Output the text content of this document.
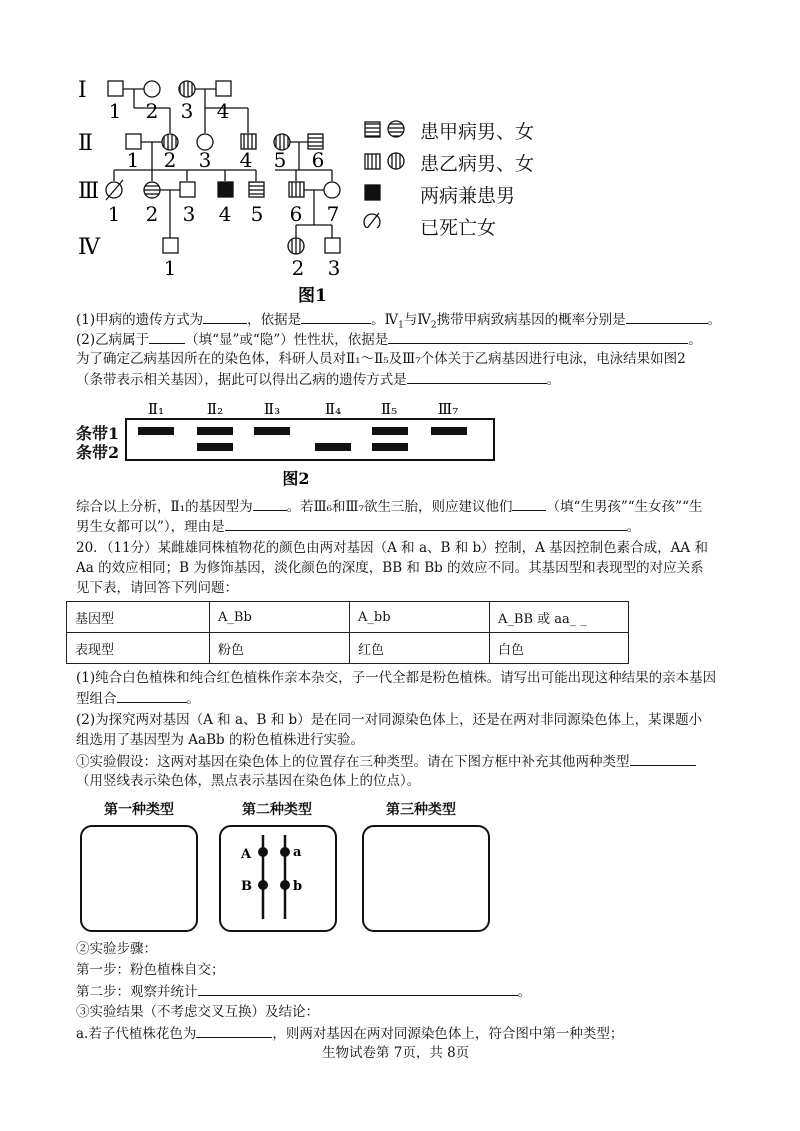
Ⅰ
Ⅱ
Ⅲ
Ⅳ
1 2 3 4
1 2 3 4 5 6
1 2 3 4 5 6 7
1	2 3
图1
患甲病男、女
患乙病男、女
两病兼患男
已死亡女
(1)甲病的遗传方式为	，依据是	。$Ⅳ_1$与$Ⅳ_2$携带甲病致病基因的概率分别是	。
(2)乙病属于	（填“显”或“隐”）性性状，依据是	。
为了确定乙病基因所在的染色体，科研人员对Ⅱ₁～Ⅱ₅及Ⅲ₇个体关于乙病基因进行电泳，电泳结果如图2
（条带表示相关基因），据此可以得出乙病的遗传方式是	。
Ⅱ₁	Ⅱ₂	Ⅱ₃	Ⅱ₄	Ⅱ₅	Ⅲ₇
图2
条带1
条带2
综合以上分析，Ⅱ₁的基因型为	。若Ⅲ₆和Ⅲ₇欲生三胎，则应建议他们	（填“生男孩”“生女孩”“生
男生女都可以”），理由是	。
20．（11分）某雌雄同株植物花的颜色由两对基因（A 和 a、B 和 b）控制，A 基因控制色素合成，AA 和
Aa 的效应相同；B 为修饰基因，淡化颜色的深度，BB 和 Bb 的效应不同。其基因型和表现型的对应关系
见下表，请回答下列问题：
基因型	A_Bb	A_bb	A_BB 或 aa_ _
表现型	粉色	红色	白色
(1)纯合白色植株和纯合红色植株作亲本杂交，子一代全都是粉色植株。请写出可能出现这种结果的亲本基因
型组合	。
(2)为探究两对基因（A 和 a、B 和 b）是在同一对同源染色体上，还是在两对非同源染色体上，某课题小
组选用了基因型为 AaBb 的粉色植株进行实验。
①实验假设：这两对基因在染色体上的位置存在三种类型。请在下图方框中补充其他两种类型
（用竖线表示染色体，黑点表示基因在染色体上的位点）。
第一种类型	第二种类型	第三种类型
A	a
B	b
②实验步骤：
第一步：粉色植株自交；
第二步：观察并统计	。
③实验结果（不考虑交叉互换）及结论：
a.若子代植株花色为	，则两对基因在两对同源染色体上，符合图中第一种类型；
生物试卷第 7页，共 8页
